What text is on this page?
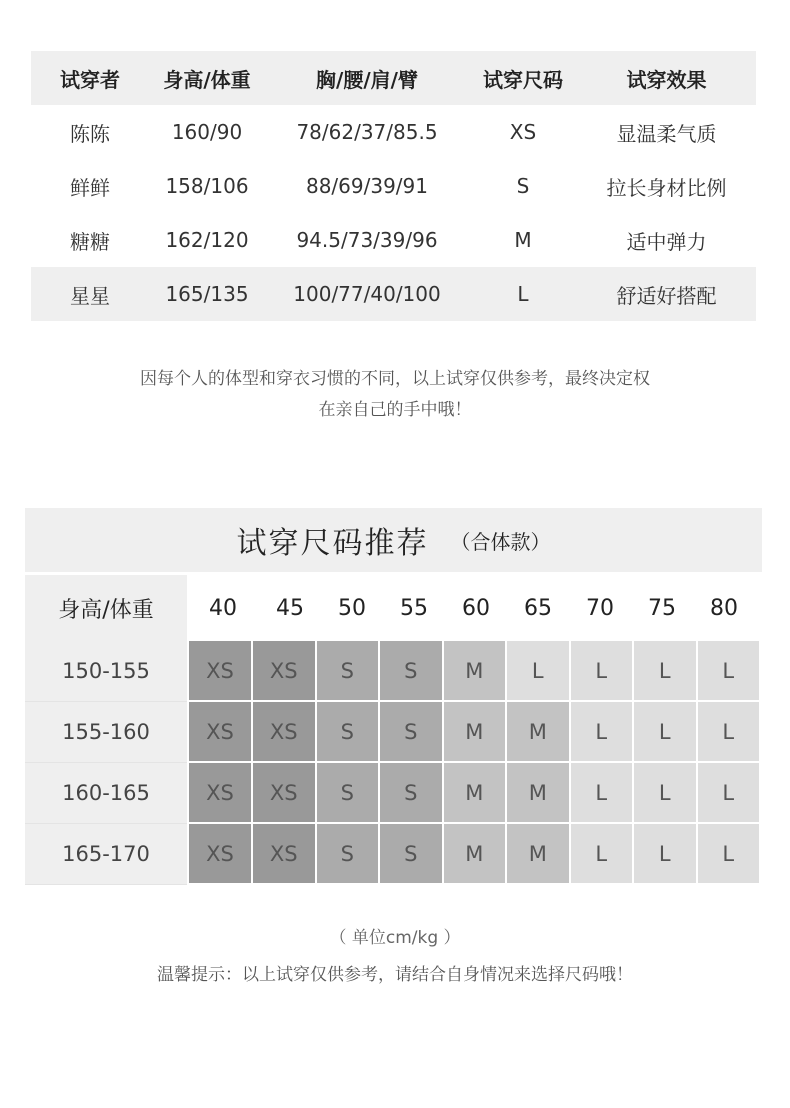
试穿者	身高/体重	胸/腰/肩/臂	试穿尺码	试穿效果
陈陈	160/90	78/62/37/85.5	XS	显温柔气质
鲜鲜	158/106	88/69/39/91	S	拉长身材比例
糖糖	162/120	94.5/73/39/96	M	适中弹力
星星	165/135	100/77/40/100	L	舒适好搭配
因每个人的体型和穿衣习惯的不同，以上试穿仅供参考，最终决定权
在亲自己的手中哦！
试穿尺码推荐 （合体款）
身高/体重	40	45	50	55	60	65	70	75	80
150-155	XS	XS	S	S	M	L	L	L	L
155-160	XS	XS	S	S	M	M	L	L	L
160-165	XS	XS	S	S	M	M	L	L	L
165-170	XS	XS	S	S	M	M	L	L	L
（ 单位cm/kg ）
温馨提示：以上试穿仅供参考，请结合自身情况来选择尺码哦！
